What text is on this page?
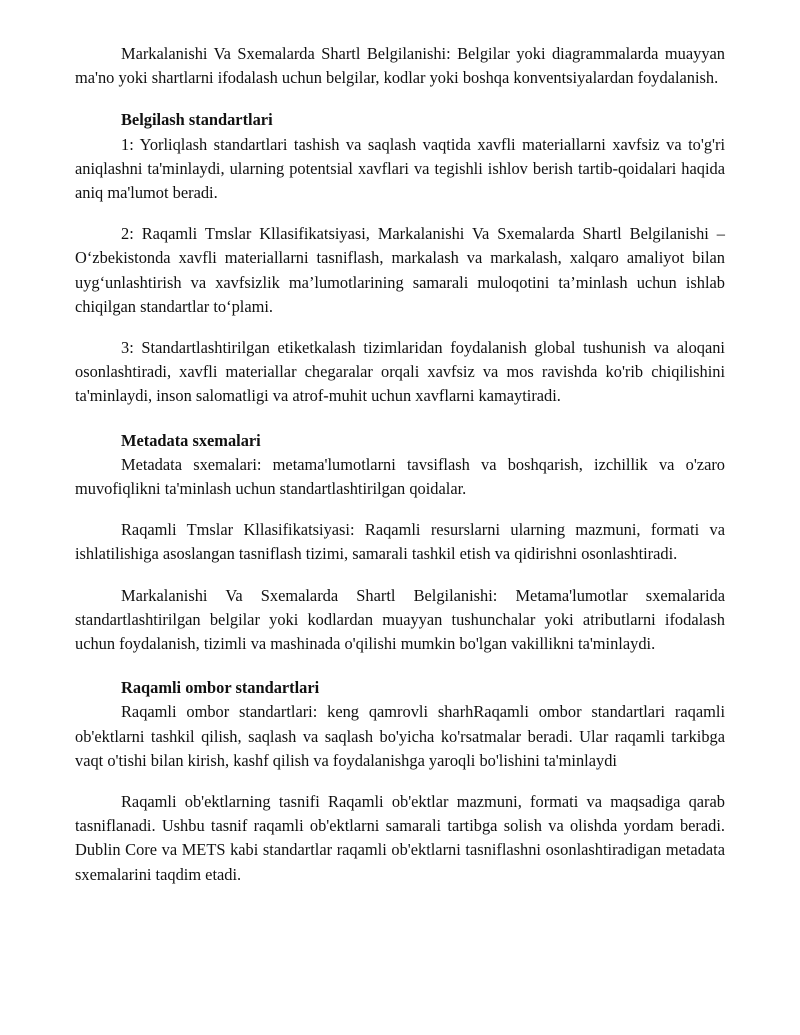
Markalanishi Va Sxemalarda Shartl Belgilanishi: Belgilar yoki diagrammalarda muayyan ma'no yoki shartlarni ifodalash uchun belgilar, kodlar yoki boshqa konventsiyalardan foydalanish.

Belgilash standartlari

1: Yorliqlash standartlari tashish va saqlash vaqtida xavfli materiallarni xavfsiz va to'g'ri aniqlashni ta'minlaydi, ularning potentsial xavflari va tegishli ishlov berish tartib-qoidalari haqida aniq ma'lumot beradi.

2: Raqamli Tmslar Kllasifikatsiyasi, Markalanishi Va Sxemalarda Shartl Belgilanishi – O‘zbekistonda xavfli materiallarni tasniflash, markalash va markalash, xalqaro amaliyot bilan uyg‘unlashtirish va xavfsizlik ma’lumotlarining samarali muloqotini ta’minlash uchun ishlab chiqilgan standartlar to‘plami.

3: Standartlashtirilgan etiketkalash tizimlaridan foydalanish global tushunish va aloqani osonlashtiradi, xavfli materiallar chegaralar orqali xavfsiz va mos ravishda ko'rib chiqilishini ta'minlaydi, inson salomatligi va atrof-muhit uchun xavflarni kamaytiradi.

Metadata sxemalari

Metadata sxemalari: metama'lumotlarni tavsiflash va boshqarish, izchillik va o'zaro muvofiqlikni ta'minlash uchun standartlashtirilgan qoidalar.

Raqamli Tmslar Kllasifikatsiyasi: Raqamli resurslarni ularning mazmuni, formati va ishlatilishiga asoslangan tasniflash tizimi, samarali tashkil etish va qidirishni osonlashtiradi.

Markalanishi Va Sxemalarda Shartl Belgilanishi: Metama'lumotlar sxemalarida standartlashtirilgan belgilar yoki kodlardan muayyan tushunchalar yoki atributlarni ifodalash uchun foydalanish, tizimli va mashinada o'qilishi mumkin bo'lgan vakillikni ta'minlaydi.

Raqamli ombor standartlari

Raqamli ombor standartlari: keng qamrovli sharhRaqamli ombor standartlari raqamli ob'ektlarni tashkil qilish, saqlash va saqlash bo'yicha ko'rsatmalar beradi. Ular raqamli tarkibga vaqt o'tishi bilan kirish, kashf qilish va foydalanishga yaroqli bo'lishini ta'minlaydi

Raqamli ob'ektlarning tasnifi Raqamli ob'ektlar mazmuni, formati va maqsadiga qarab tasniflanadi. Ushbu tasnif raqamli ob'ektlarni samarali tartibga solish va olishda yordam beradi. Dublin Core va METS kabi standartlar raqamli ob'ektlarni tasniflashni osonlashtiradigan metadata sxemalarini taqdim etadi.
